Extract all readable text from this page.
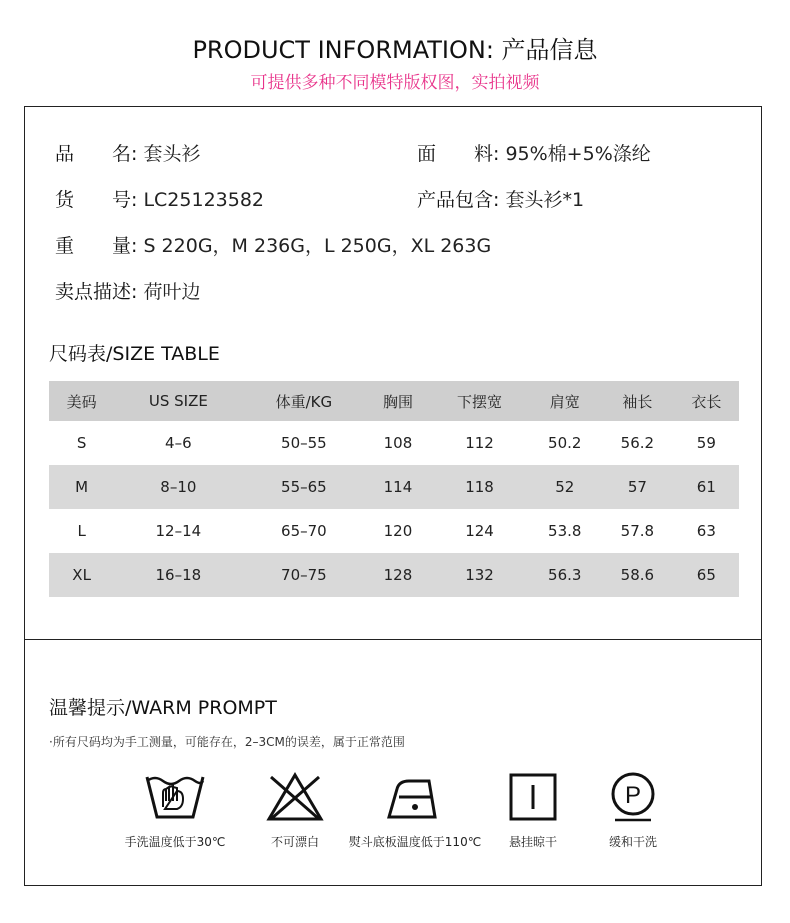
PRODUCT INFORMATION: 产品信息
可提供多种不同模特版权图，实拍视频
品　　名: 套头衫	面　　料: 95%棉+5%涤纶
货　　号: LC25123582	产品包含: 套头衫*1
重　　量: S 220G，M 236G，L 250G，XL 263G
卖点描述: 荷叶边
尺码表/SIZE TABLE
美码	US SIZE	体重/KG	胸围	下摆宽	肩宽	袖长	衣长
S	4–6	50–55	108	112	50.2	56.2	59
M	8–10	55–65	114	118	52	57	61
L	12–14	65–70	120	124	53.8	57.8	63
XL	16–18	70–75	128	132	56.3	58.6	65
温馨提示/WARM PROMPT
·所有尺码均为手工测量，可能存在，2–3CM的误差，属于正常范围
手洗温度低于30℃	不可漂白	熨斗底板温度低于110℃	悬挂晾干
P
缓和干洗
